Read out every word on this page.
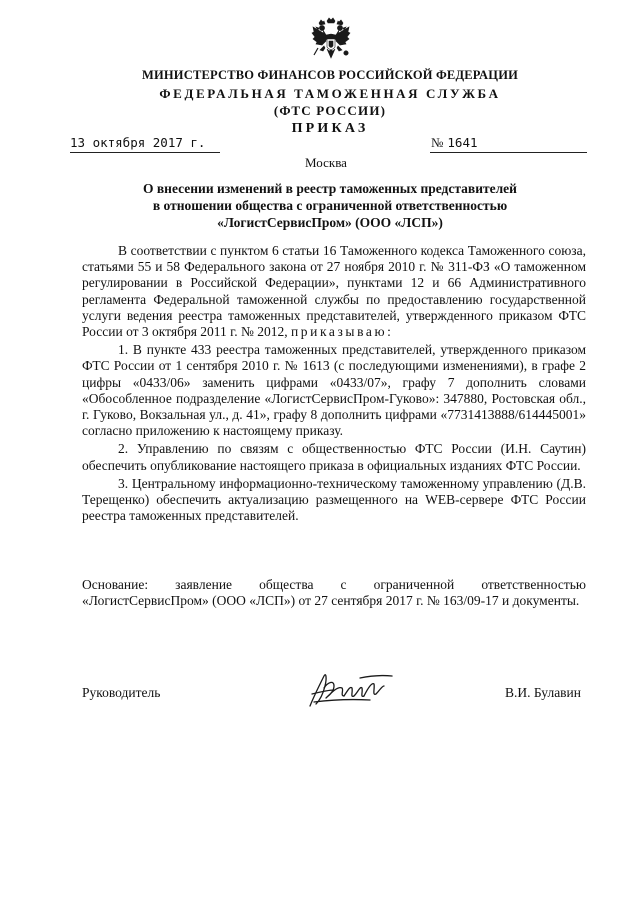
МИНИСТЕРСТВО ФИНАНСОВ РОССИЙСКОЙ ФЕДЕРАЦИИ
ФЕДЕРАЛЬНАЯ ТАМОЖЕННАЯ СЛУЖБА
(ФТС РОССИИ)
ПРИКАЗ
13 октября 2017 г.	№ 1641
Москва
О внесении изменений в реестр таможенных представителей
в отношении общества с ограниченной ответственностью
«ЛогистСервисПром» (ООО «ЛСП»)

В соответствии с пунктом 6 статьи 16 Таможенного кодекса Таможенного союза, статьями 55 и 58 Федерального закона от 27 ноября 2010 г. № 311-ФЗ «О таможенном регулировании в Российской Федерации», пунктами 12 и 66 Административного регламента Федеральной таможенной службы по предоставлению государственной услуги ведения реестра таможенных представителей, утвержденного приказом ФТС России от 3 октября 2011 г. № 2012, приказываю:

1. В пункте 433 реестра таможенных представителей, утвержденного приказом ФТС России от 1 сентября 2010 г. № 1613 (с последующими изменениями), в графе 2 цифры «0433/06» заменить цифрами «0433/07», графу 7 дополнить словами «Обособленное подразделение «ЛогистСервисПром-Гуково»: 347880, Ростовская обл., г. Гуково, Вокзальная ул., д. 41», графу 8 дополнить цифрами «7731413888/614445001» согласно приложению к настоящему приказу.

2. Управлению по связям с общественностью ФТС России (И.Н. Саутин) обеспечить опубликование настоящего приказа в официальных изданиях ФТС России.

3. Центральному информационно-техническому таможенному управлению (Д.В. Терещенко) обеспечить актуализацию размещенного на WEB-сервере ФТС России реестра таможенных представителей.

Основание: заявление общества с ограниченной ответственностью «ЛогистСервисПром» (ООО «ЛСП») от 27 сентября 2017 г. № 163/09-17 и документы.

Руководитель	В.И. Булавин
